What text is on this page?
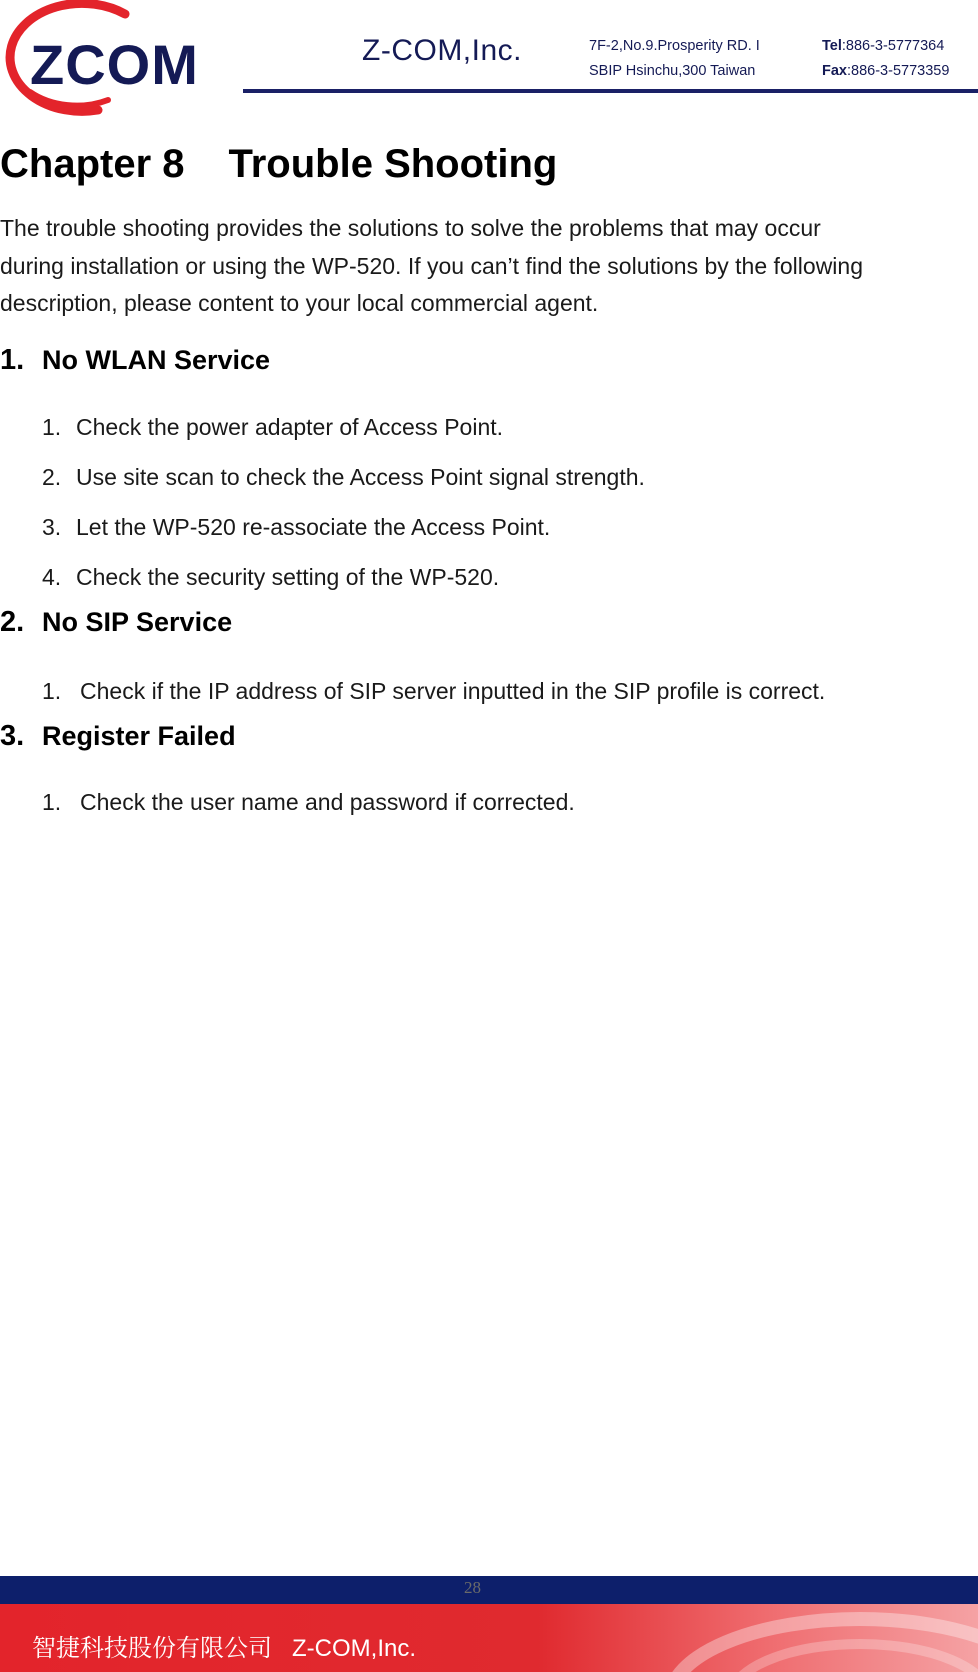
ZCOM	Z-COM,Inc.	7F-2,No.9.Prosperity RD. I
SBIP Hsinchu,300 Taiwan
Tel:886-3-5777364
Fax:886-3-5773359
Chapter 8 Trouble Shooting
The trouble shooting provides the solutions to solve the problems that may occur
during installation or using the WP-520. If you can’t find the solutions by the following
description, please content to your local commercial agent.
1. No WLAN Service

1. Check the power adapter of Access Point.

2. Use site scan to check the Access Point signal strength.

3. Let the WP-520 re-associate the Access Point.

4. Check the security setting of the WP-520.

2. No SIP Service

1. Check if the IP address of SIP server inputted in the SIP profile is correct.

3. Register Failed

1. Check the user name and password if corrected.

28
智捷科技股份有限公司 Z-COM,Inc.
